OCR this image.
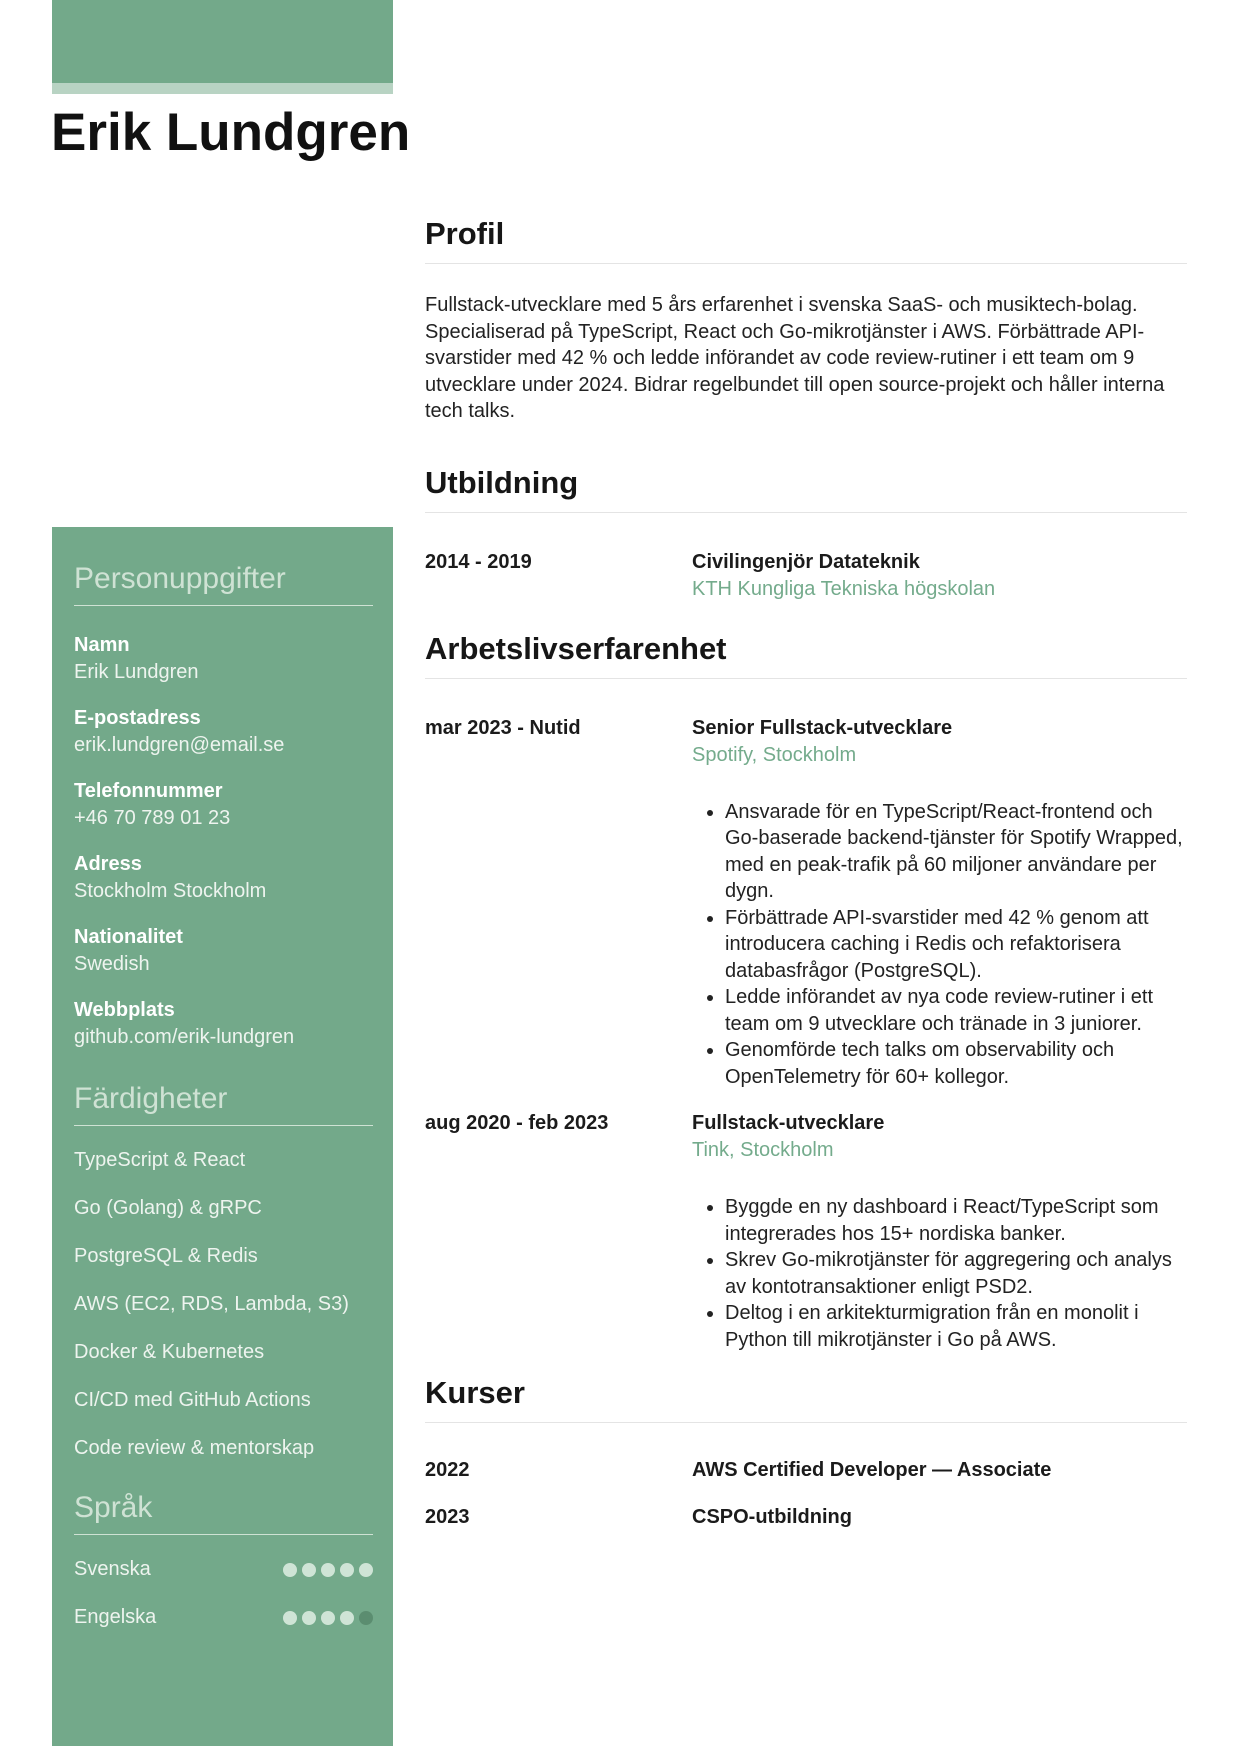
Erik Lundgren
Personuppgifter
Namn
Erik Lundgren
E-postadress
erik.lundgren@email.se
Telefonnummer
+46 70 789 01 23
Adress
Stockholm Stockholm
Nationalitet
Swedish
Webbplats
github.com/erik-lundgren
Färdigheter
TypeScript & React
Go (Golang) & gRPC
PostgreSQL & Redis
AWS (EC2, RDS, Lambda, S3)
Docker & Kubernetes
CI/CD med GitHub Actions
Code review & mentorskap
Språk
Svenska
Engelska
Profil

Fullstack-utvecklare med 5 års erfarenhet i svenska SaaS- och musiktech-bolag. Specialiserad på TypeScript, React och Go-mikrotjänster i AWS. Förbättrade API-svarstider med 42 % och ledde införandet av code review-rutiner i ett team om 9 utvecklare under 2024. Bidrar regelbundet till open source-projekt och håller interna tech talks.

Utbildning
2014 - 2019	Civilingenjör Datateknik
KTH Kungliga Tekniska högskolan
Arbetslivserfarenhet
mar 2023 - Nutid	Senior Fullstack-utvecklare
Spotify, Stockholm
• Ansvarade för en TypeScript/React-frontend och Go-baserade backend-tjänster för Spotify Wrapped, med en peak-trafik på 60 miljoner användare per dygn.
• Förbättrade API-svarstider med 42 % genom att introducera caching i Redis och refaktorisera databasfrågor (PostgreSQL).
• Ledde införandet av nya code review-rutiner i ett team om 9 utvecklare och tränade in 3 juniorer.
• Genomförde tech talks om observability och OpenTelemetry för 60+ kollegor.
aug 2020 - feb 2023	Fullstack-utvecklare
Tink, Stockholm
• Byggde en ny dashboard i React/TypeScript som integrerades hos 15+ nordiska banker.
• Skrev Go-mikrotjänster för aggregering och analys av kontotransaktioner enligt PSD2.
• Deltog i en arkitekturmigration från en monolit i Python till mikrotjänster i Go på AWS.
Kurser
2022	AWS Certified Developer — Associate
2023	CSPO-utbildning
